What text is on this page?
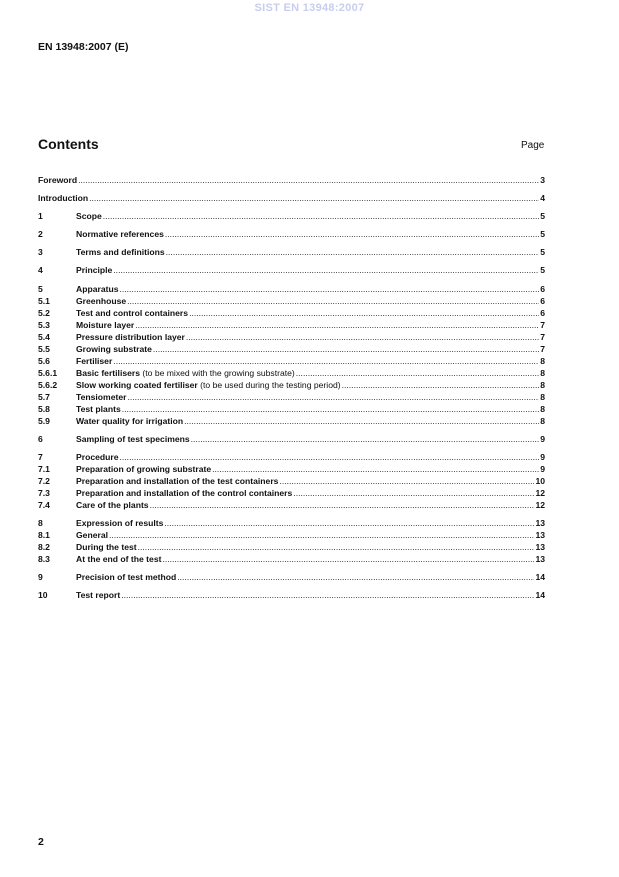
SIST EN 13948:2007
EN 13948:2007 (E)
Contents	Page
Foreword .....	3
Introduction .....	4
1	Scope .....	5
2	Normative references .....	5
3	Terms and definitions .....	5
4	Principle .....	5
5	Apparatus .....	6
5.1	Greenhouse .....	6
5.2	Test and control containers .....	6
5.3	Moisture layer .....	7
5.4	Pressure distribution layer .....	7
5.5	Growing substrate .....	7
5.6	Fertiliser .....	8
5.6.1	Basic fertilisers (to be mixed with the growing substrate) .....	8
5.6.2	Slow working coated fertiliser (to be used during the testing period) .....	8
5.7	Tensiometer .....	8
5.8	Test plants .....	8
5.9	Water quality for irrigation .....	8
6	Sampling of test specimens .....	9
7	Procedure .....	9
7.1	Preparation of growing substrate .....	9
7.2	Preparation and installation of the test containers .....	10
7.3	Preparation and installation of the control containers .....	12
7.4	Care of the plants .....	12
8	Expression of results .....	13
8.1	General .....	13
8.2	During the test .....	13
8.3	At the end of the test .....	13
9	Precision of test method .....	14
10	Test report .....	14
2
